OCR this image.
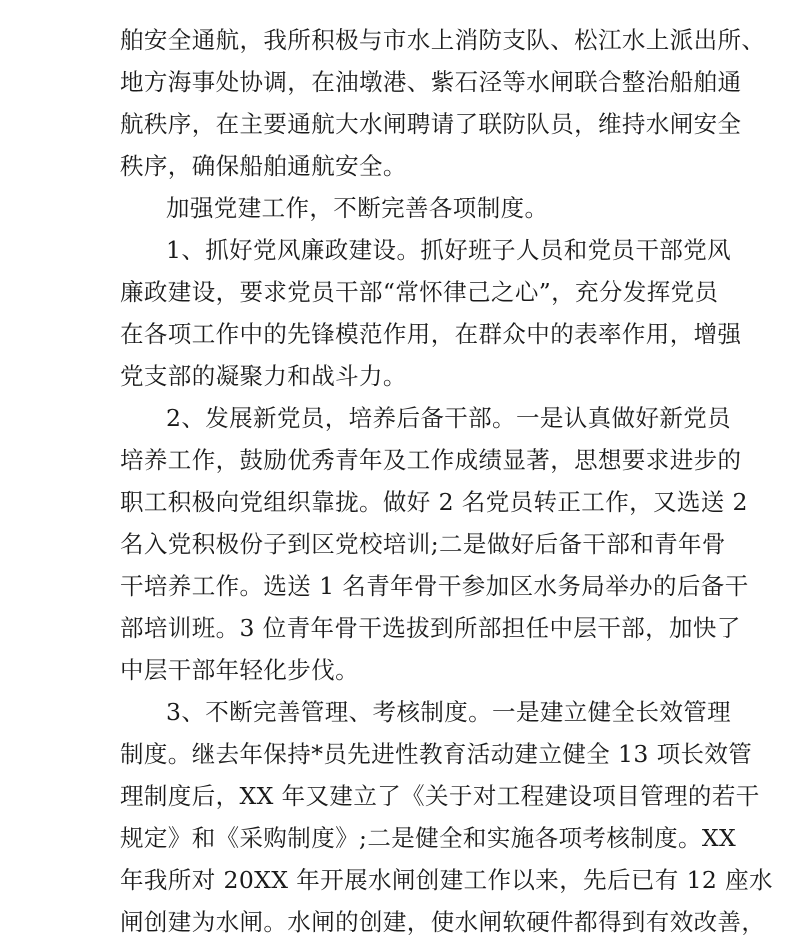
舶安全通航，我所积极与市水上消防支队、松江水上派出所、

地方海事处协调，在油墩港、紫石泾等水闸联合整治船舶通

航秩序，在主要通航大水闸聘请了联防队员，维持水闸安全

秩序，确保船舶通航安全。

加强党建工作，不断完善各项制度。

1、抓好党风廉政建设。抓好班子人员和党员干部党风

廉政建设，要求党员干部“常怀律己之心”，充分发挥党员

在各项工作中的先锋模范作用，在群众中的表率作用，增强

党支部的凝聚力和战斗力。

2、发展新党员，培养后备干部。一是认真做好新党员

培养工作，鼓励优秀青年及工作成绩显著，思想要求进步的

职工积极向党组织靠拢。做好 2 名党员转正工作，又选送 2

名入党积极份子到区党校培训;二是做好后备干部和青年骨

干培养工作。选送 1 名青年骨干参加区水务局举办的后备干

部培训班。3 位青年骨干选拔到所部担任中层干部，加快了

中层干部年轻化步伐。

3、不断完善管理、考核制度。一是建立健全长效管理

制度。继去年保持*员先进性教育活动建立健全 13 项长效管

理制度后，XX 年又建立了《关于对工程建设项目管理的若干

规定》和《采购制度》;二是健全和实施各项考核制度。XX

年我所对 20XX 年开展水闸创建工作以来，先后已有 12 座水

闸创建为水闸。水闸的创建，使水闸软硬件都得到有效改善，
